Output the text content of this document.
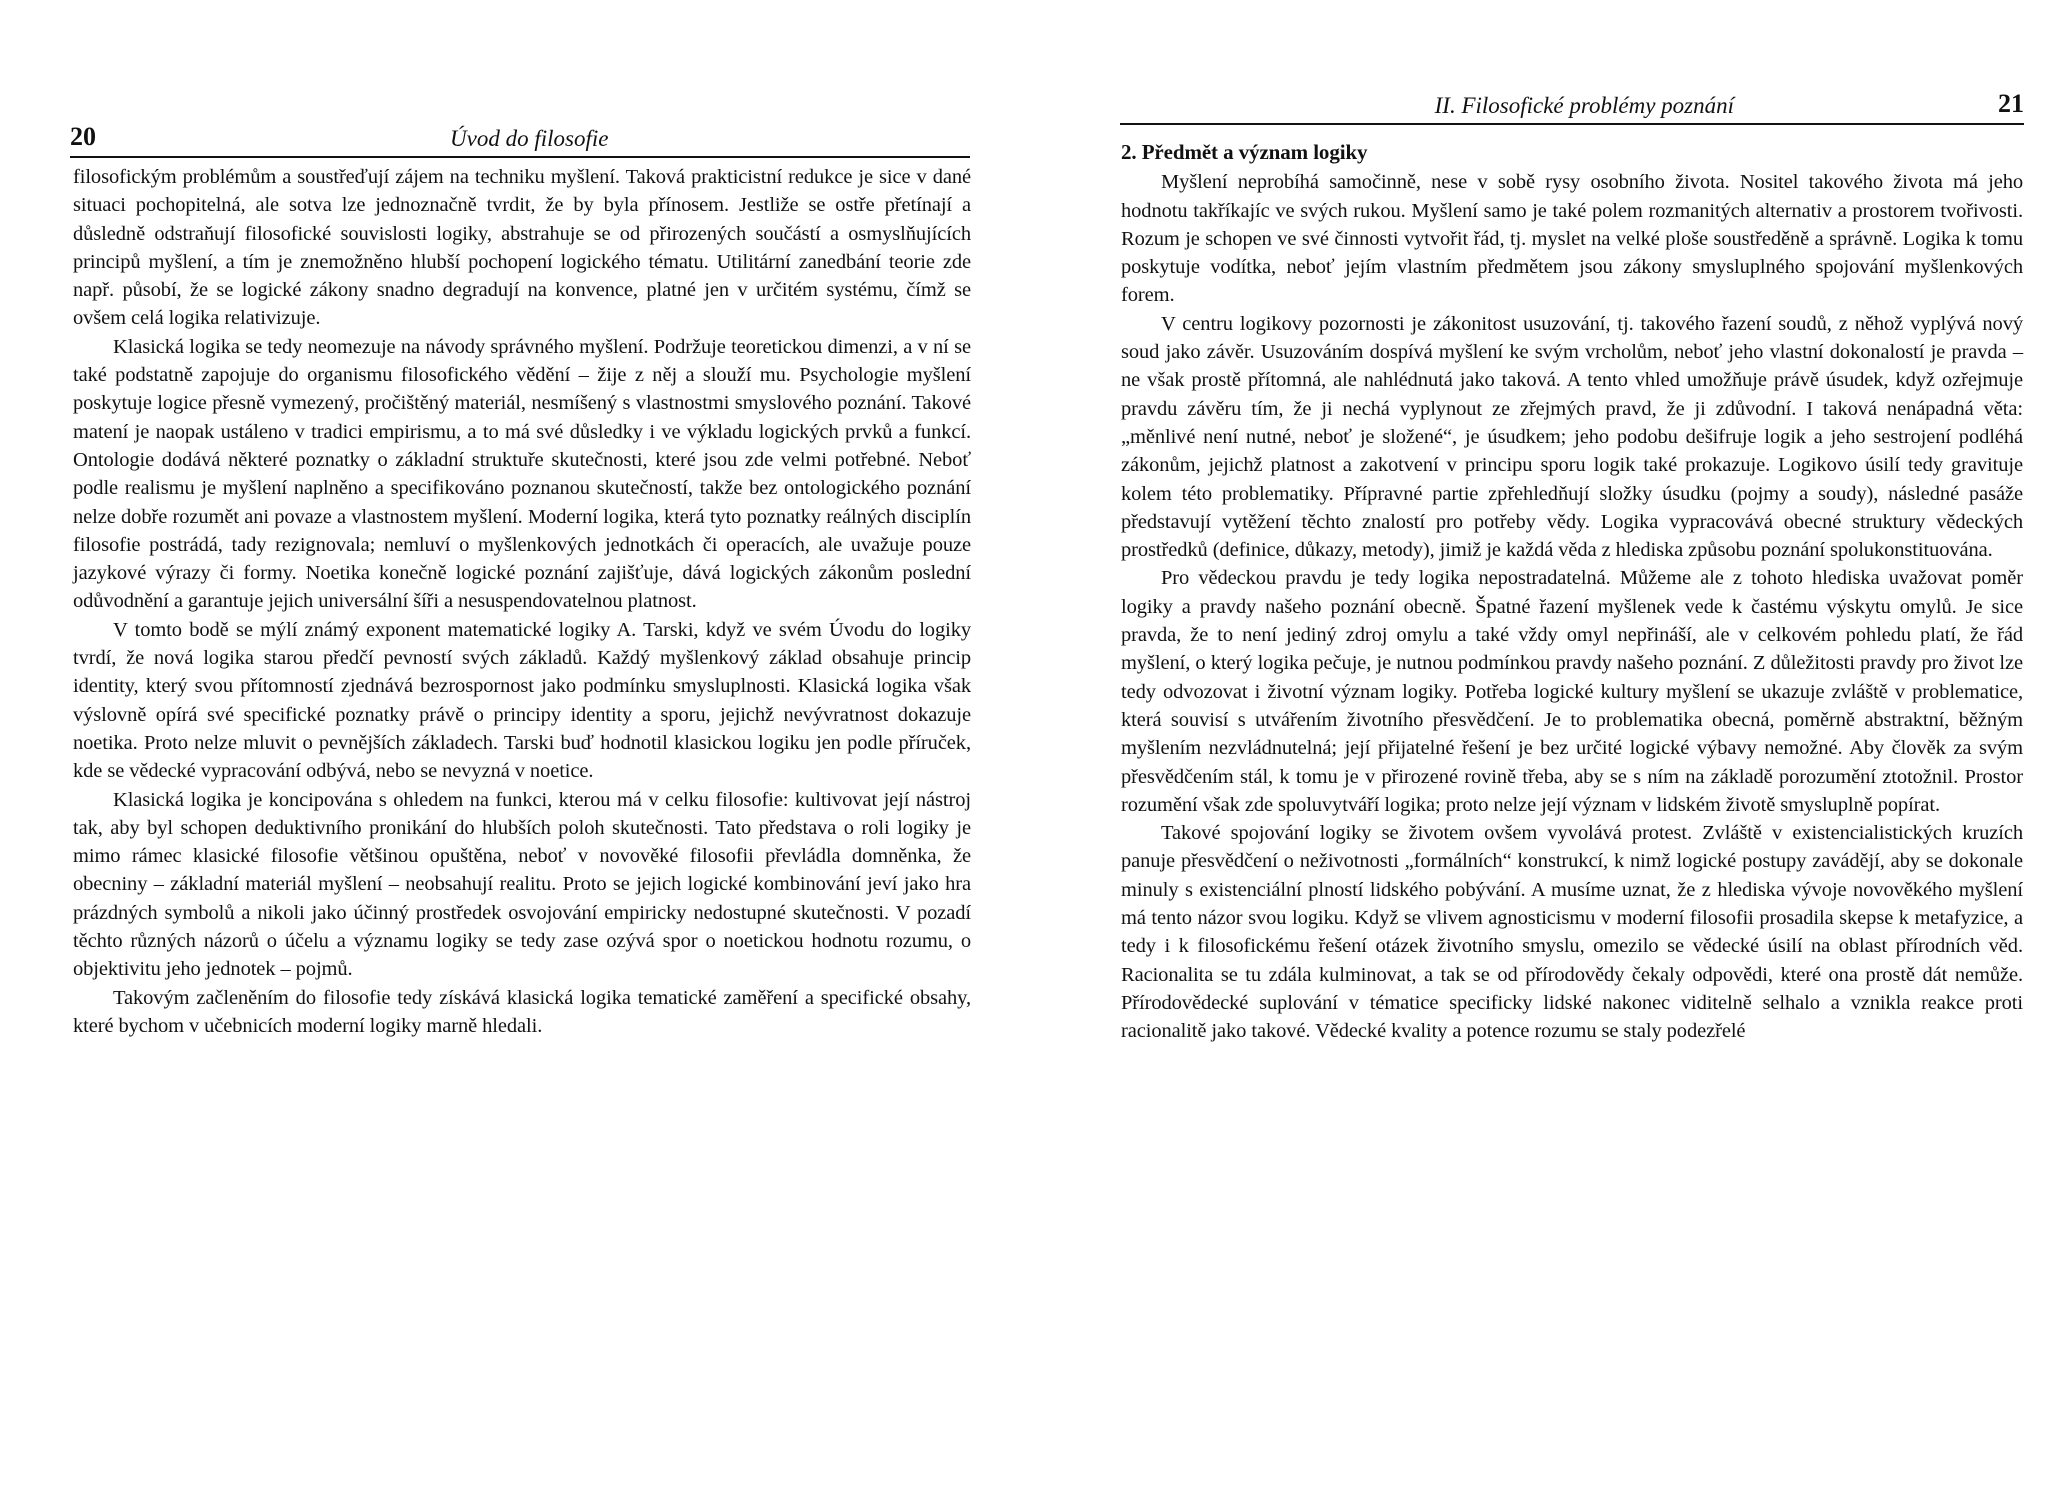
20	Úvod do filosofie

filosofickým problémům a soustřeďují zájem na techniku myšlení. Taková prakticistní redukce je sice v dané situaci pochopitelná, ale sotva lze jednoznačně tvrdit, že by byla přínosem. Jestliže se ostře přetínají a důsledně odstraňují filosofické souvislosti logiky, abstrahuje se od přirozených součástí a osmyslňujících principů myšlení, a tím je znemožněno hlubší pochopení logického tématu. Utilitární zanedbání teorie zde např. působí, že se logické zákony snadno degradují na konvence, platné jen v určitém systému, čímž se ovšem celá logika relativizuje.

Klasická logika se tedy neomezuje na návody správného myšlení. Podržuje teoretickou dimenzi, a v ní se také podstatně zapojuje do organismu filosofického vědění – žije z něj a slouží mu. Psychologie myšlení poskytuje logice přesně vymezený, pročištěný materiál, nesmíšený s vlastnostmi smyslového poznání. Takové matení je naopak ustáleno v tradici empirismu, a to má své důsledky i ve výkladu logických prvků a funkcí. Ontologie dodává některé poznatky o základní struktuře skutečnosti, které jsou zde velmi potřebné. Neboť podle realismu je myšlení naplněno a specifikováno poznanou skutečností, takže bez ontologického poznání nelze dobře rozumět ani povaze a vlastnostem myšlení. Moderní logika, která tyto poznatky reálných disciplín filosofie postrádá, tady rezignovala; nemluví o myšlenkových jednotkách či operacích, ale uvažuje pouze jazykové výrazy či formy. Noetika konečně logické poznání zajišťuje, dává logických zákonům poslední odůvodnění a garantuje jejich universální šíři a nesuspendovatelnou platnost.

V tomto bodě se mýlí známý exponent matematické logiky A. Tarski, když ve svém Úvodu do logiky tvrdí, že nová logika starou předčí pevností svých základů. Každý myšlenkový základ obsahuje princip identity, který svou přítomností zjednává bezrospornost jako podmínku smysluplnosti. Klasická logika však výslovně opírá své specifické poznatky právě o principy identity a sporu, jejichž nevývratnost dokazuje noetika. Proto nelze mluvit o pevnějších základech. Tarski buď hodnotil klasickou logiku jen podle příruček, kde se vědecké vypracování odbývá, nebo se nevyzná v noetice.

Klasická logika je koncipována s ohledem na funkci, kterou má v celku filosofie: kultivovat její nástroj tak, aby byl schopen deduktivního pronikání do hlubších poloh skutečnosti. Tato představa o roli logiky je mimo rámec klasické filosofie většinou opuštěna, neboť v novověké filosofii převládla domněnka, že obecniny – základní materiál myšlení – neobsahují realitu. Proto se jejich logické kombinování jeví jako hra prázdných symbolů a nikoli jako účinný prostředek osvojování empiricky nedostupné skutečnosti. V pozadí těchto různých názorů o účelu a významu logiky se tedy zase ozývá spor o noetickou hodnotu rozumu, o objektivitu jeho jednotek – pojmů.

Takovým začleněním do filosofie tedy získává klasická logika tematické zaměření a specifické obsahy, které bychom v učebnicích moderní logiky marně hledali.

II. Filosofické problémy poznání	21
2. Předmět a význam logiky

Myšlení neprobíhá samočinně, nese v sobě rysy osobního života. Nositel takového života má jeho hodnotu takříkajíc ve svých rukou. Myšlení samo je také polem rozmanitých alternativ a prostorem tvořivosti. Rozum je schopen ve své činnosti vytvořit řád, tj. myslet na velké ploše soustředěně a správně. Logika k tomu poskytuje vodítka, neboť jejím vlastním předmětem jsou zákony smysluplného spojování myšlenkových forem.

V centru logikovy pozornosti je zákonitost usuzování, tj. takového řazení soudů, z něhož vyplývá nový soud jako závěr. Usuzováním dospívá myšlení ke svým vrcholům, neboť jeho vlastní dokonalostí je pravda – ne však prostě přítomná, ale nahlédnutá jako taková. A tento vhled umožňuje právě úsudek, když ozřejmuje pravdu závěru tím, že ji nechá vyplynout ze zřejmých pravd, že ji zdůvodní. I taková nenápadná věta: „měnlivé není nutné, neboť je složené“, je úsudkem; jeho podobu dešifruje logik a jeho sestrojení podléhá zákonům, jejichž platnost a zakotvení v principu sporu logik také prokazuje. Logikovo úsilí tedy gravituje kolem této problematiky. Přípravné partie zpřehledňují složky úsudku (pojmy a soudy), následné pasáže představují vytěžení těchto znalostí pro potřeby vědy. Logika vypracovává obecné struktury vědeckých prostředků (definice, důkazy, metody), jimiž je každá věda z hlediska způsobu poznání spolukonstituována.

Pro vědeckou pravdu je tedy logika nepostradatelná. Můžeme ale z tohoto hlediska uvažovat poměr logiky a pravdy našeho poznání obecně. Špatné řazení myšlenek vede k častému výskytu omylů. Je sice pravda, že to není jediný zdroj omylu a také vždy omyl nepřináší, ale v celkovém pohledu platí, že řád myšlení, o který logika pečuje, je nutnou podmínkou pravdy našeho poznání. Z důležitosti pravdy pro život lze tedy odvozovat i životní význam logiky. Potřeba logické kultury myšlení se ukazuje zvláště v problematice, která souvisí s utvářením životního přesvědčení. Je to problematika obecná, poměrně abstraktní, běžným myšlením nezvládnutelná; její přijatelné řešení je bez určité logické výbavy nemožné. Aby člověk za svým přesvědčením stál, k tomu je v přirozené rovině třeba, aby se s ním na základě porozumění ztotožnil. Prostor rozumění však zde spoluvytváří logika; proto nelze její význam v lidském životě smysluplně popírat.

Takové spojování logiky se životem ovšem vyvolává protest. Zvláště v existencialistických kruzích panuje přesvědčení o neživotnosti „formálních“ konstrukcí, k nimž logické postupy zavádějí, aby se dokonale minuly s existenciální plností lidského pobývání. A musíme uznat, že z hlediska vývoje novověkého myšlení má tento názor svou logiku. Když se vlivem agnosticismu v moderní filosofii prosadila skepse k metafyzice, a tedy i k filosofickému řešení otázek životního smyslu, omezilo se vědecké úsilí na oblast přírodních věd. Racionalita se tu zdála kulminovat, a tak se od přírodovědy čekaly odpovědi, které ona prostě dát nemůže. Přírodovědecké suplování v tématice specificky lidské nakonec viditelně selhalo a vznikla reakce proti racionalitě jako takové. Vědecké kvality a potence rozumu se staly podezřelé
